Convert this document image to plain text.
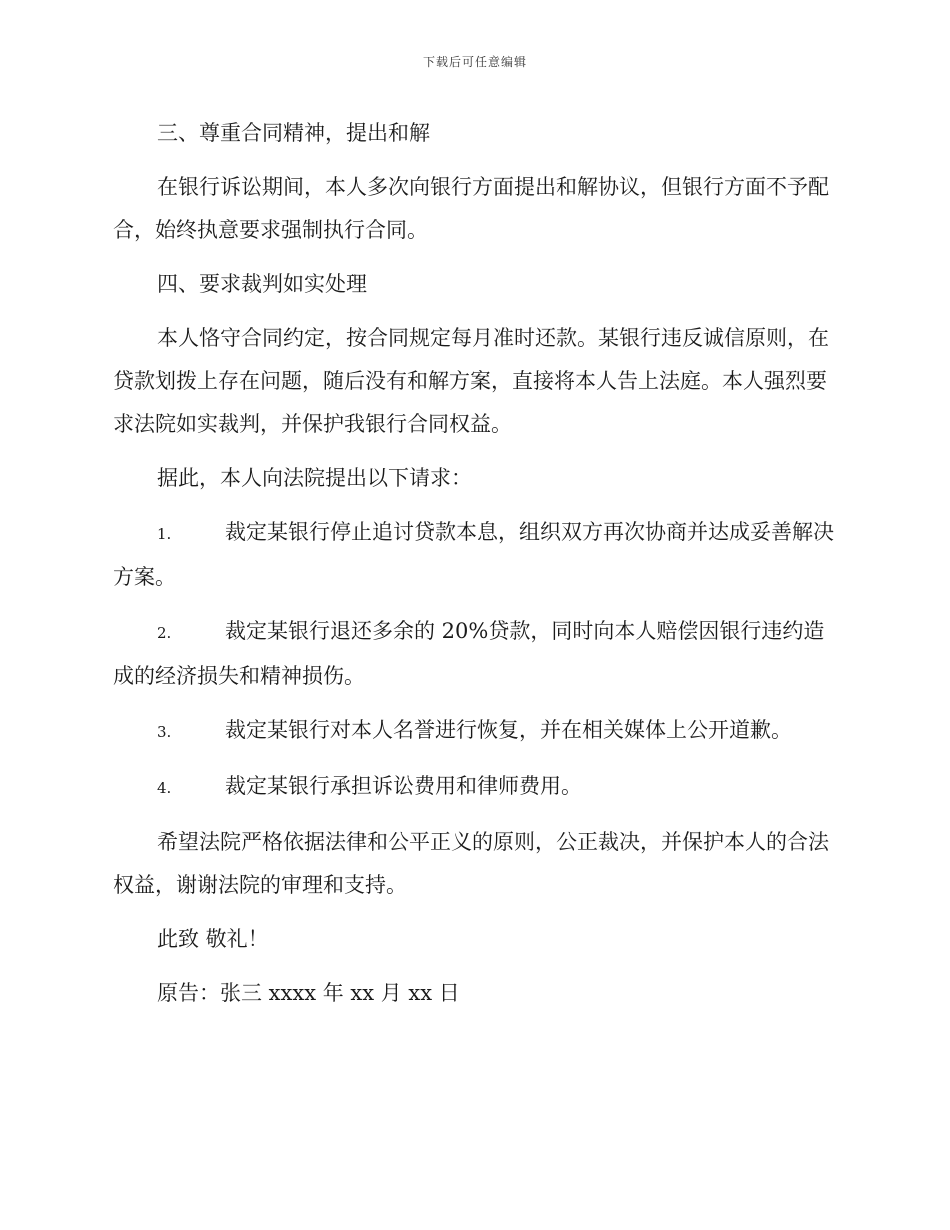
下载后可任意编辑

三、尊重合同精神，提出和解

在银行诉讼期间，本人多次向银行方面提出和解协议，但银行方面不予配合，始终执意要求强制执行合同。

四、要求裁判如实处理

本人恪守合同约定，按合同规定每月准时还款。某银行违反诚信原则，在贷款划拨上存在问题，随后没有和解方案，直接将本人告上法庭。本人强烈要求法院如实裁判，并保护我银行合同权益。

据此，本人向法院提出以下请求：

1.	裁定某银行停止追讨贷款本息，组织双方再次协商并达成妥善解决方案。

2.	裁定某银行退还多余的 20%贷款，同时向本人赔偿因银行违约造成的经济损失和精神损伤。

3.	裁定某银行对本人名誉进行恢复，并在相关媒体上公开道歉。

4.	裁定某银行承担诉讼费用和律师费用。

希望法院严格依据法律和公平正义的原则，公正裁决，并保护本人的合法权益，谢谢法院的审理和支持。

此致 敬礼！

原告：张三 xxxx 年 xx 月 xx 日
